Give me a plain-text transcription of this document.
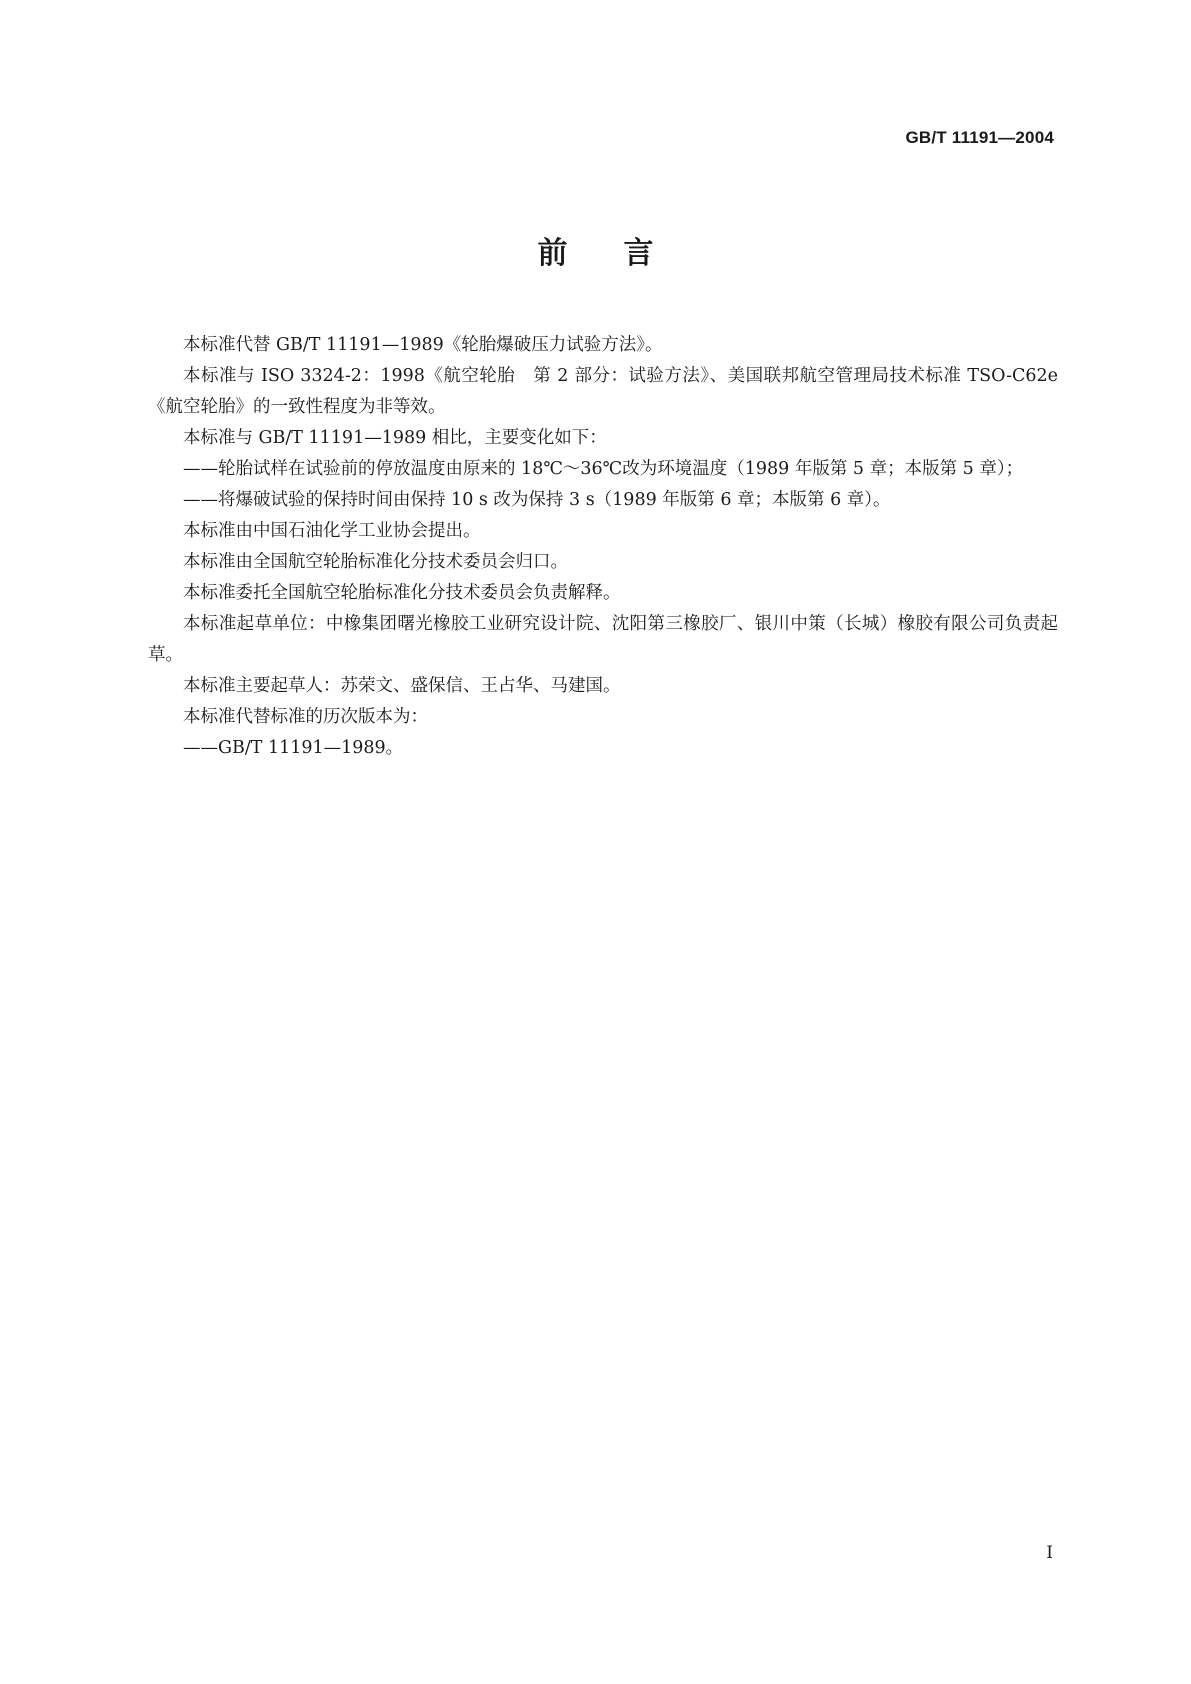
GB/T 11191—2004
前言

本标准代替 GB/T 11191—1989《轮胎爆破压力试验方法》。

本标准与 ISO 3324-2：1998《航空轮胎　第 2 部分：试验方法》、美国联邦航空管理局技术标准 TSO-C62e《航空轮胎》的一致性程度为非等效。

本标准与 GB/T 11191—1989 相比，主要变化如下：

——轮胎试样在试验前的停放温度由原来的 18℃～36℃改为环境温度（1989 年版第 5 章；本版第 5 章）；

——将爆破试验的保持时间由保持 10 s 改为保持 3 s（1989 年版第 6 章；本版第 6 章）。

本标准由中国石油化学工业协会提出。

本标准由全国航空轮胎标准化分技术委员会归口。

本标准委托全国航空轮胎标准化分技术委员会负责解释。

本标准起草单位：中橡集团曙光橡胶工业研究设计院、沈阳第三橡胶厂、银川中策（长城）橡胶有限公司负责起草。

本标准主要起草人：苏荣文、盛保信、王占华、马建国。

本标准代替标准的历次版本为：

——GB/T 11191—1989。

I
